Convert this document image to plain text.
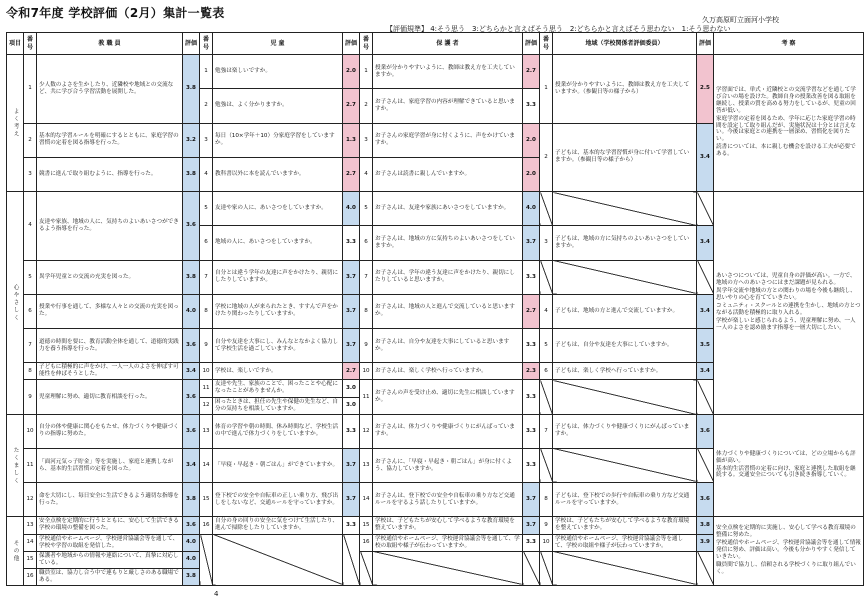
令和7年度 学校評価（2月）集計一覧表	久万高原町立面河小学校
【評価規準】 4:そう思う　3:どちらかと言えばそう思う　2:どちらかと言えばそう思わない　1:そう思わない
項目	番号	教 職 員	評価	番号	児 童	評価	番号	保 護 者	評価	番号	地域（学校関係者評価委員）	評価	考 察
よく考え	1	少人数のよさを生かしたり、近隣校や地域との交流など、共に学び合う学習活動を展開した。	3.8	1	勉強は楽しいですか。	2.0	1	授業が分かりやすいように、教師は教え方を工夫していますか。	2.7	1	授業が分かりやすいように、教師は教え方を工夫していますか。（参観日等の様子から）	2.5	学習面では、単式・近隣校との交流学習などを通して学び合いの場を設けた。教師自身の授業改善を図る取組を継続し、授業の質を高める努力をしているが、児童の回答が低い。
家庭学習の定着を図るため、学年に応じた家庭学習の時間を設定して取り組んだが、実施状況は十分とは言えない。今後は家庭との連携を一層深め、習慣化を図りたい。
読書については、本に親しむ機会を設ける工夫が必要である。

				2	勉強は、よく分かりますか。	2.7	2	お子さんは、家庭学習の内容が理解できていると思いますか。	3.3				

	2	基本的な学習ルールを明確にするとともに、家庭学習の習慣の定着を図る指導を行った。	3.2	3	毎日（10×学年＋10）分家庭学習をしていますか。	1.3	3	お子さんの家庭学習が身に付くように、声をかけていますか。	2.0	2	子どもは、基本的な学習習慣が身に付いて学習していますか。（参観日等の様子から）	3.4	

	3	競書に進んで取り組むように、指導を行った。	3.8	4	教科書以外に本を読んでいますか。	2.7	4	お子さんは読書に親しんでいますか。	2.0				

心やさしく	4	友達や家族、地域の人に、気持ちのよいあいさつができるよう指導を行った。	3.6	5	友達や家の人に、あいさつをしていますか。	4.0	5	お子さんは、友達や家族にあいさつをしていますか。	4.0				あいさつについては、児童自身の評価が高い。一方で、地域の方へのあいさつにはまだ課題が見られる。
異学年交流や地域の方との関わりの場を今後も継続し、思いやりの心を育てていきたい。
コミュニティ・スクールとの連携を生かし、地域の方とつながる活動を積極的に取り入れる。
学校が楽しいと感じられるよう、児童理解に努め、一人一人のよさを認め励ます指導を一層大切にしたい。

				6	地域の人に、あいさつをしていますか。	3.3	6	お子さんは、地域の方に気持ちのよいあいさつをしていますか。	3.7	3	子どもは、地域の方に気持ちのよいあいさつをしていますか。	3.4	

	5	異学年児童との交流の充実を図った。	3.8	7	自分とは違う学年の友達に声をかけたり、親切にしたりしていますか。	3.7	7	お子さんは、学年の違う友達に声をかけたり、親切にしたりしていると思いますか。	3.3				

	6	授業や行事を通して、多様な人々との交流の充実を図った。	4.0	8	学校に地域の人が来られたとき、すすんで声をかけたり関わったりしていますか。	3.7	8	お子さんは、地域の人と進んで交流していると思いますか。	2.7	4	子どもは、地域の方と進んで交流していますか。	3.4	

	7	道徳の時間を要に、教育活動全体を通して、道徳的実践力を養う指導を行った。	3.6	9	自分や友達を大事にし、みんなとなかよく協力して学校生活を過ごしていますか。	3.7	9	お子さんは、自分や友達を大事にしていると思いますか。	3.3	5	子どもは、自分や友達を大事にしていますか。	3.5	

	8	子どもに積極的に声をかけ、一人一人のよさを伸ばす可能性を伸ばそうとした。	3.4	10	学校は、楽しいですか。	2.7	10	お子さんは、楽しく学校へ行っていますか。	2.3	6	子どもは、楽しく学校へ行っていますか。	3.4	
	9	児童理解に努め、適切に教育相談を行った。	3.6	11	友達や先生、家族のことで、困ったことや心配になったことがありませんか。	3.0	11	お子さんの声を受け止め、適切に先生に相談していますか。	3.3				
				12	困ったときは、担任の先生や保健の先生など、自分の気持ちを相談していますか。	3.0							
たくましく	10	自分の体や健康に関心をもたせ、体力づくりや健康づくりの指導に努めた。	3.6	13	体育の学習や朝の時間、休み時間など、学校生活の中で進んで体力づくりをしていますか。	3.3	12	お子さんは、体力づくりや健康づくりにがんばっていますか。	3.3	7	子どもは、体力づくりや健康づくりにがんばっていますか。	3.6	体力づくりや健康づくりについては、どの立場からも評価が高い。
基本的生活習慣の定着に向け、家庭と連携した取組を継続する。交通安全についても引き続き指導していく。

	11	「面河元気っ子貯金」等を実施し、家庭と連携しながら、基本的生活習慣の定着を図った。	3.4	14	「早寝・早起き・朝ごはん」ができていますか。	3.7	13	お子さんに、「早寝・早起き・朝ごはん」が身に付くよう、協力していますか。	3.3				

	12	命を大切にし、毎日安全に生活できるよう適切な指導を行った。	3.8	15	登下校での安全や自転車の正しい乗り方、飛び出しをしないなど、交通ルールを守っていますか。	3.7	14	お子さんは、登下校での安全や自転車の乗り方など交通ルールを守るよう話したりしていますか。	3.7	8	子どもは、登下校での歩行や自転車の乗り方など交通ルールを守っていますか。	3.6	

その他	13	安全点検を定期的に行うとともに、安心して生活できる学校の環境の整備を図った。	3.6	16	自分の身の回りの安全に気をつけて生活したり、進んで掃除をしたりしていますか。	3.3	15	学校は、子どもたちが安心して学べるような教育環境を整えていますか。	3.7	9	学校は、子どもたちが安心して学べるような教育環境を整えていますか。	3.8	安全点検を定期的に実施し、安心して学べる教育環境の整備に努めた。
学校通信やホームページ、学校運営協議会等を通して情報発信に努め、評価は高い。今後も分かりやすく発信していきたい。
職員間で協力し、信頼される学校づくりに取り組んでいく。

	14	学校通信やホームページ、学校運営協議会等を通して、学校や学習の取組を発信した。	4.0				16	学校通信やホームページ、学校運営協議会等を通して、学校の取組や様子が伝わっていますか。	3.3	10	学校通信やホームページ、学校運営協議会等を通して、学校の取組や様子が伝わっていますか。	3.9	
	15	保護者や地域からの情報や連絡について、真摯に対応している。	4.0										
	16	職員室は、協力し合う中で連もりと厳しさのある職場である。	3.8										
4
